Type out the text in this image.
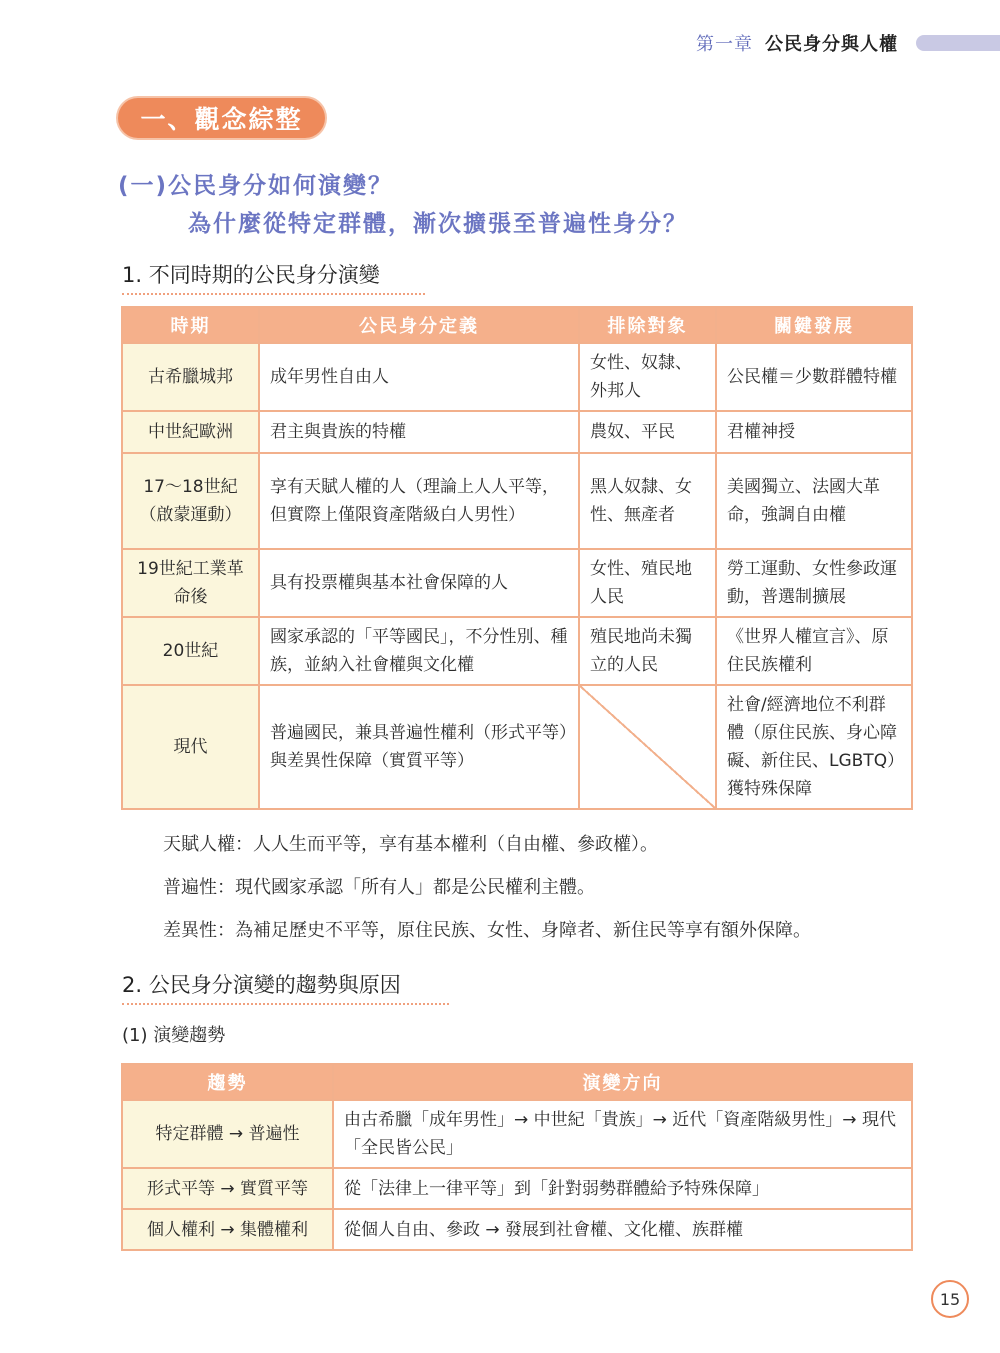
第一章 公民身分與人權
一、觀念綜整
(一)公民身分如何演變？
為什麼從特定群體，漸次擴張至普遍性身分？
1. 不同時期的公民身分演變
時期	公民身分定義	排除對象	關鍵發展
古希臘城邦	成年男性自由人	女性、奴隸、外邦人	公民權＝少數群體特權
中世紀歐洲	君主與貴族的特權	農奴、平民	君權神授
17～18世紀（啟蒙運動）	享有天賦人權的人（理論上人人平等，但實際上僅限資產階級白人男性）	黑人奴隸、女性、無產者	美國獨立、法國大革命，強調自由權
19世紀工業革命後	具有投票權與基本社會保障的人	女性、殖民地人民	勞工運動、女性參政運動，普選制擴展
20世紀	國家承認的「平等國民」，不分性別、種族，並納入社會權與文化權	殖民地尚未獨立的人民	《世界人權宣言》、原住民族權利
現代	普遍國民，兼具普遍性權利（形式平等）與差異性保障（實質平等）		社會/經濟地位不利群體（原住民族、身心障礙、新住民、LGBTQ）獲特殊保障
天賦人權：人人生而平等，享有基本權利（自由權、參政權）。
普遍性：現代國家承認「所有人」都是公民權利主體。
差異性：為補足歷史不平等，原住民族、女性、身障者、新住民等享有額外保障。
2. 公民身分演變的趨勢與原因
(1) 演變趨勢
趨勢	演變方向
特定群體 → 普遍性	由古希臘「成年男性」→ 中世紀「貴族」→ 近代「資產階級男性」→ 現代「全民皆公民」
形式平等 → 實質平等	從「法律上一律平等」到「針對弱勢群體給予特殊保障」
個人權利 → 集體權利	從個人自由、參政 → 發展到社會權、文化權、族群權
15
